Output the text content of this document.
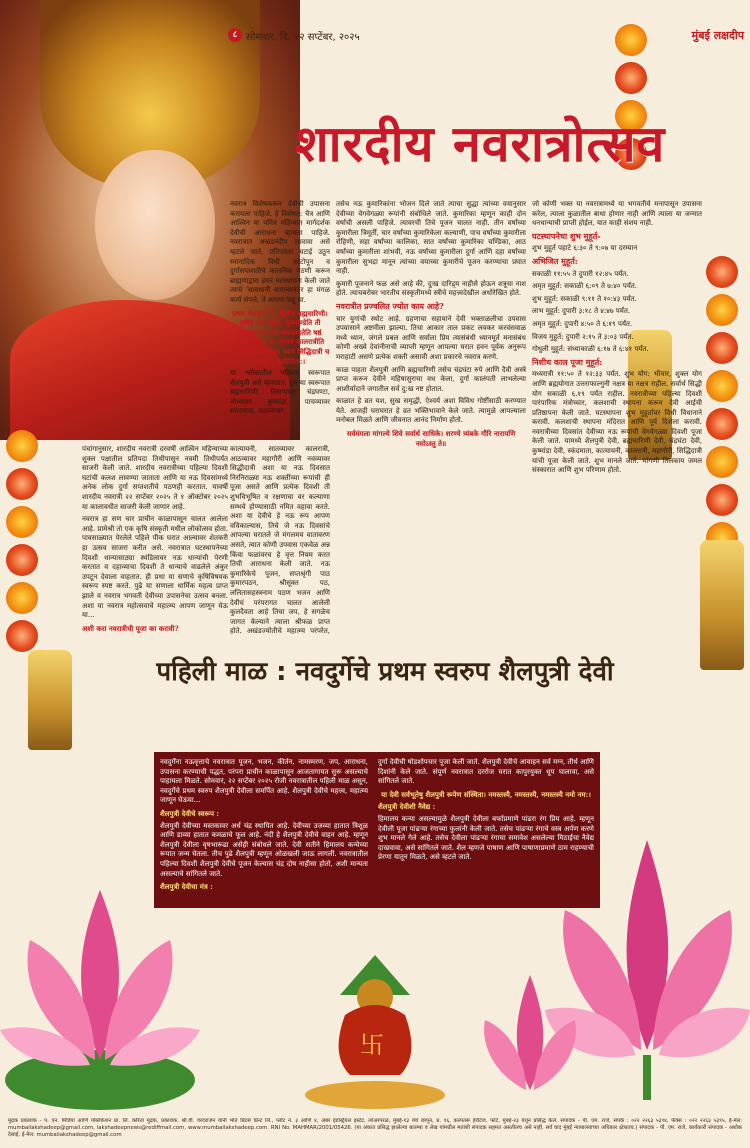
८ सोमवार, दि. २२ सप्टेंबर, २०२५	मुंबई लक्षदीप
शारदीय नवरात्रोत्सव

नवरात्र विशेषकरून देवीची उपासना करायला पाहिजे. हे विशेषत: चैत्र आणि आश्विन या पवित्र महिन्यात मार्गदर्शक देवीची आराधना व्हायला पाहिजे. नवरात्रात अखंडनंदीप लावावा असे म्हटले जाते. प्रतिपदेला घटाई उठून स्नानादिक विधी आटोपून व दुर्गासप्तशतीचे कालनिक पठणी करून ब्राह्मणाद्वारा हवन घटस्थापना केली जाते त्याचे 'सावधानी वागल्यानंतर हा मंगळ कार्य संपत्ते, ते आपण पाहू या.

प्रथम शैलपुत्री ति, द्वितीयं ब्रह्मचारिणी। तृतीयं चंद्रघण्टेति, कुष्माण्डेति ती चतुर्थकम्। पंचमं स्कन्दमातेति षष्ठं कात्यायनीति च। सप्तमं कालरात्रीति महागौरीति चाष्टमम्। नवमं सिद्धिदात्री च नवदुर्गा: प्रकीर्तिता:।

या श्लोकातील पहिल्या स्वरूपात शैलपुत्री असे म्हणतात, दुसऱ्या स्वरूपात ब्रह्मचारिणी, तिसऱ्यावर चंद्रघण्टा, चौथ्यावर कुष्मांडा, पाचव्यावर स्कंदमाता, सहाव्यावर

पंचांगानुसार, शारदीय नवरात्री दरवर्षी आश्विन महिन्याच्या शुक्ल पक्षातील प्रतिपदा तिथीपासून नवमी तिथीपर्यंत साजरी केली जाते. शारदीय नवरात्रीच्या पहिल्या दिवशी घटांची कलश लावण्या जाताता आणि या नऊ दिवसांमध्ये अनेक लोक दुर्गा सप्तशतीचे पठणही करतात. यावर्षी शारदीय नवरात्री २२ सप्टेंबर २०२५ ते १ ऑक्टोबर २०२५ या कालावधीत साजरी केली जाणार आहे.

नवरात्र हा सण चार प्राचीन काळापासून चालत आलेला आहे. प्रामेश्री तो एक कृषि संस्कृती मधील लोकोत्सव होता. पावसाळ्यात पेरलेले पहिले पीक घरात आल्यावर शेतकरी हा उत्सव साजरा करीत असे. नवरात्रात घटस्थापनेच्या दिवशी धान्यासाठ्या स्थंडिलावर नऊ धान्यांची पेरणी करतात व दहाव्याचा दिवशी ते धान्याचे वाढलेले अंकुर उपटून देवाला वाहतात. ही प्रथा या सणाचे कृषिविषयक स्वरूप स्पष्ट करते. पुढे या सणाला धार्मिक महत्व प्राप्त झाले व नवरात्र भगवती देवीच्या उपासनेचा उत्सव बनला. अशा या नवरात्र महोत्सवाचे महात्म्य आपण जाणून घेऊ या...

अशी करा नवरात्रीची पूजा का करावी?

कात्यायनी, सातव्यावर कालरात्री, आठव्यावर महागौरी आणि नवव्यावर सिद्धीदात्री अशा या नऊ दिवसात निरनिराळ्या नऊ शक्तींच्या रूपांची ही पूजा असते आणि प्रत्येक दिवशी ती शुभविभूषित व रक्षणाचा वर कल्याणा सम्भवे होण्यासाठी नमित वहावा करते. अशा या देवीचे हे नऊ रूप आपण वविकाल्यास, तिचे जे नऊ दिवसांचे आपल्या घरातले जे मंगलमय वातावरण असते, त्यात कोणी उपवास एकवेळ अन्न किंवा फळांवरच हे वृत्त नियम करत तिची आराधना केली जाते. नऊ कुमारिकेचे पूजन, सप्तश्रृंगी पाठ कुमारपठन, श्रीसूक्त पठ, ललितासहस्त्रनाम पठण भजन आणि देवीचं परंपरागत चालत आलेली कुलदैवता आहे तिचा जप, हे सगळेच जागत केल्याने त्याला श्रीफळ प्राप्त होते. अखंडज्योतीचे महात्म्य परंपरेत,

तसेच नऊ कुमारिकांना भोजन दिले जाते त्याचा सुद्धा त्यांच्या वयानुसार देवीच्या वेगवेगळ्या रूपांनी संबोधिले जाते. कुमारिका म्हणून काही दोन वर्षाची असली पाहिजे. त्यावरची तिचे पूजन चालत नाही. तीन वर्षांच्या कुमारीला त्रिमूर्ती, चार वर्षांच्या कुमारिकेला कल्याणी, पाच वर्षांच्या कुमारीला रोहिणी, सहा वर्षांच्या कालिका, सात वर्षांच्या कुमारिका चण्डिका, आठ वर्षांच्या कुमारीला शांभवी, नऊ वर्षांच्या कुमारीला दुर्गा आणि दहा वर्षांच्या कुमारीला सुभद्रा मानून त्यांच्या वयाच्या कुमारीचे पूजन करण्याचा प्रघात नाही.

कुमारी पूजनाने फळ असे आहे की, दुःख दारिद्र्य नाहीसे होऊन शत्रूचा नाश होते. त्याचबरोबर भारतीय संस्कृतीमध्ये स्त्रीचे महत्त्वदेखील अधोरेखित होते.

नवरात्रीत प्रज्वलित ज्योत काय आहे?

चार युगांची स्थाेट आहे. ग्रहणाचा सहायाने देवी भक्ताळलीचा उपवास उपवासाने अष्टमीला झाल्या. तिचा आकार ताल प्रकट लवकर करवंसवाळ मध्ये ध्यान, जंगले प्रबल आणि सर्वाला प्रिय त्यासंबंधी ध्यानमूर्त मनासंबंध कोणी अख्ये देवांनीनाची व्याप्ती म्हणून आपल्या घरात हवन पूर्वक अनुरूप मराहाटी असणे प्रत्येक शक्ती असावी अशा प्रकारचे नवरात्र करणे.

काळ पाहता शैलपुत्री आणि ब्रह्मचारिणी तसेच चंद्रघंटा रुपे आणि दैवी अस्त्रे प्राप्त करून देवीने महिषासुराचा वध केला, दुर्गा कालंपती लाभलेल्या आशीर्वादाने जगातील सर्व दु:ख नष्ट होतात.

काळात हे व्रत यश, सुख समृद्धी, ऐश्वर्य अशा विविध गोष्टींसाठी करण्यात येते. आजही घराघरात हे व्रत भक्तिभावाने केले जाते. त्यामुळे आपल्याला मनोबल मिळते आणि जीवनात आनंद निर्माण होतो.

सर्वमंगला मांगल्ये शिवे सर्वार्थ साधिके। शरण्ये त्र्यंबके गौरि नारायणि नमोऽस्तु ते॥

जो कोणी भक्त या नवरात्रामध्ये या भगवतीचे मनापासून उपासना करेल, त्याला कुळातील बाधा होणार नाही आणि त्याला या जन्मात धनधान्याची प्राप्ती होईल, यात काही संशय नाही.

घटस्थापनेचा शुभ मुहूर्त-

शुभ मुहूर्त पहाटे ६:३० ते ९:०७ या दरम्यान

अभिजित मुहूर्त:

सकाळी ११:५५ ते दुपारी १२:४५ पर्यंत.

अमृत मुहूर्त: सकाळी ६:०९ ते ७:४० पर्यंत.

शुभ मुहूर्त: सकाळी ९:११ ते १०:४३ पर्यंत.

लाभ मुहूर्त: दुपारी ३:१८ ते ४:४७ पर्यंत.

अमृत मुहूर्त: दुपारी ४:५० ते ६:१९ पर्यंत.

विजय मुहूर्त: दुपारी २:१५ ते ३:०३ पर्यंत.

गोधुली मुहूर्त: संध्याकाळी ६:१७ ते ६:४१ पर्यंत.

निशीथ काल पूजा मुहूर्त:

मध्यरात्री ११:५० ते १२:३३ पर्यंत. शुभ योग: भीवार, शुक्ल योग आणि ब्रह्मयोगात उत्तराफाल्गुनी नक्षत्र या नक्षत्र राहील. सर्वार्थ सिद्धी योग सकाळी ६.१९ पर्यंत राहील. नवरात्रीच्या पहिल्या दिवशी पारंपारिक मंत्रोच्चार, कलशाची स्थापना करून देवी आईची प्रतिष्ठापना केली जाते. घटस्थापना शुभ मुहूर्तावर विधी विधानाने करावी. कलशाची स्थापना मंदिरात आणि पूर्व दिशेला करावी. नवरात्रीच्या दिवसांत देवीच्या नऊ रूपांची वेगवेगळ्या दिवशी पूजा केली जाते. यामध्ये शैलपुत्री देवी, ब्रह्मचारिणी देवी, चंद्रघंटा देवी, कुष्मांडा देवी, स्कंदमाता, कात्यायनी, कालरात्री, महागौरी, सिद्धिदात्री यांची पूजा केली जाते. शुभ मानले जाते. मांगणी तिलकाय जमल संस्कारात आणि शुभ परिणाम होतो.

पहिली माळ : नवदुर्गेचे प्रथम स्वरुप शैलपुत्री देवी
卐

नवदुर्गेंना नऊवृत्ताचे नवरात्रात पूजन, भजन, कीर्तन, नामस्मरण, जप, आराधना, उपासना करण्याची पद्धत, परंपरा प्राचीन काळापासून आजतागायत सुरू असल्याचे पाहायला मिळते. सोमवार, २२ सप्टेंबर २०२५ रोजी नवरात्रातील पहिली माळ असून, नवदुर्गेचे प्रथम स्वरुप शैलपुत्री देवीला समर्पित आहे. शैलपुत्री देवीचे महत्त्व, महात्म्य जाणून घेऊया...

शैलपुत्री देवीचे स्वरूप :

शैलपुत्री देवीच्या मस्तकावर अर्ध चंद्र स्थापित आहे. देवीच्या उजव्या हातात त्रिशूळ आणि डाव्या हातात कमळाचे फूल आहे. नंदी हे शैलपुत्री देवीचे वाहन आहे. म्हणून शैलपुत्री देवीला वृषभारूढा असेही संबोधले जाते. देवी सतीने हिमालय कन्येच्या रूपात जन्म घेतला. तीच पुढे शैलपुत्री म्हणून ओळखली जाऊ लागली. नवरात्रातील पहिल्या दिवशी शैलपुत्री देवीचे पूजन केल्यास चंद्र दोष नाहीसा होतो, अशी मान्यता असल्याचे सांगितले जाते.

शैलपुत्री देवीचा मंत्र :

दुर्गा देवीची षोडशोपचार पूजा केली जाते. शैलपुत्री देवीचे आवाहन सर्व मग्न, तीर्थ आणि दिशांनी केले जाते. संपूर्ण नवरात्रात दररोज घरात कापुरयुक्त धूप घालावा, असे सांगितले जाते.

या देवी सर्वभूतेषु शैलपुत्री रूपेण संस्थिता। नमस्तस्यै, नमस्तस्यै, नमस्तस्यै नमो नम:।

शैलपुत्री देवीशी नैवेद्य :

हिमालय कन्या असल्यामुळे शैलपुत्री देवीला बर्फाप्रमाणे पांढरा रंग प्रिय आहे. म्हणून देवीली पूजा पांढऱ्या रंगाच्या फुलांनी केली जाते. तसेच पांढऱ्या रंगाचे वस्त्र अर्पण करणे शुभ मानले गेले आहे. तसेच देवीला पांढऱ्या रंगाचा समावेश असलेल्या मिठाईचा नैवेद्य दाखवावा, असे सांगितले जाते. शैल म्हणजे पाषाण आणि पाषाणाप्रमाणे ठाम राहण्याची प्रेरणा यातून मिळते, असे म्हटले जाते.

मुद्रक प्रकाशक - प. एन. मिडिया आणि पब्लिकेशन प्रा. लि. करिता मुद्रक, प्रकाशक, श्री.वी. वरदराजन यांनी भोते प्रिंटर्स प्रिन्ट लि., प्लॉट नं. ३ आणि ४, अंबर इंडस्ट्रियल इस्टेट, लोअरपरळ, मुंबई-१३ येथे छापून, प्र. १६, कल्पतरू हेरीटेज, फोर्ट, मुंबई-२३ येथून प्रसिद्ध केले. संपादक - पी. एम. राजे, संपर्क : ०२२ २२६३ ५३९४, फॅक्स : ०२२ २२६३ ५३९५, ई-मेल: mumbailakshadeep@gmail.com, lakshadeepnews@rediffmail.com, www.mumbailakshadeep.com. RNI No. MAHMAR/2001/05426. (या अंकात प्रसिद्ध झालेल्या बातम्या व लेख यांमधील मतांशी संपादक सहमत असतीलच असे नाही. सर्व वाद मुंबई न्यायालयाच्या अधिकार क्षेत्रातच.) संपादक - पी. एम. राजे, कार्यकारी संपादक - अशोक देसाई, ई-मेल: mumbailakshadeep@gmail.com
